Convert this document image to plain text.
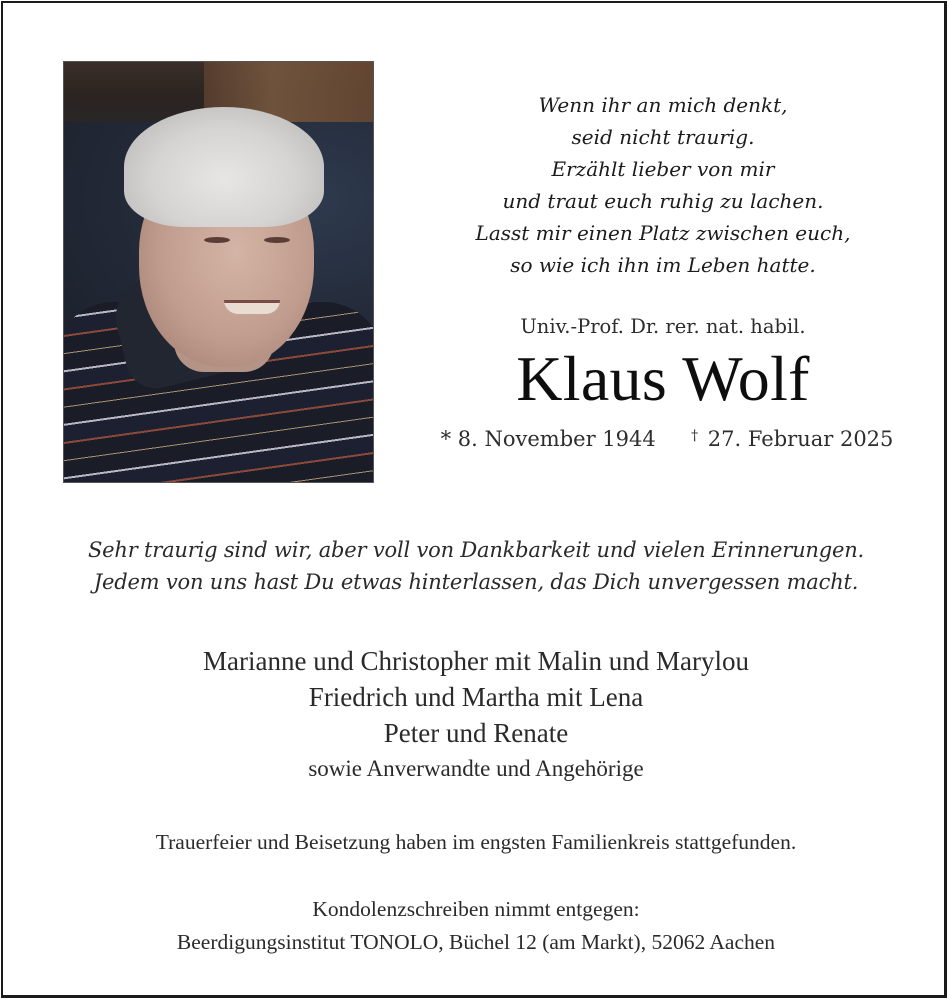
Wenn ihr an mich denkt,
seid nicht traurig.
Erzählt lieber von mir
und traut euch ruhig zu lachen.
Lasst mir einen Platz zwischen euch,
so wie ich ihn im Leben hatte.
Univ.-Prof. Dr. rer. nat. habil.
Klaus Wolf
* 8. November 1944	† 27. Februar 2025
Sehr traurig sind wir, aber voll von Dankbarkeit und vielen Erinnerungen.
Jedem von uns hast Du etwas hinterlassen, das Dich unvergessen macht.
Marianne und Christopher mit Malin und Marylou
Friedrich und Martha mit Lena
Peter und Renate
sowie Anverwandte und Angehörige
Trauerfeier und Beisetzung haben im engsten Familienkreis stattgefunden.
Kondolenzschreiben nimmt entgegen:
Beerdigungsinstitut TONOLO, Büchel 12 (am Markt), 52062 Aachen
